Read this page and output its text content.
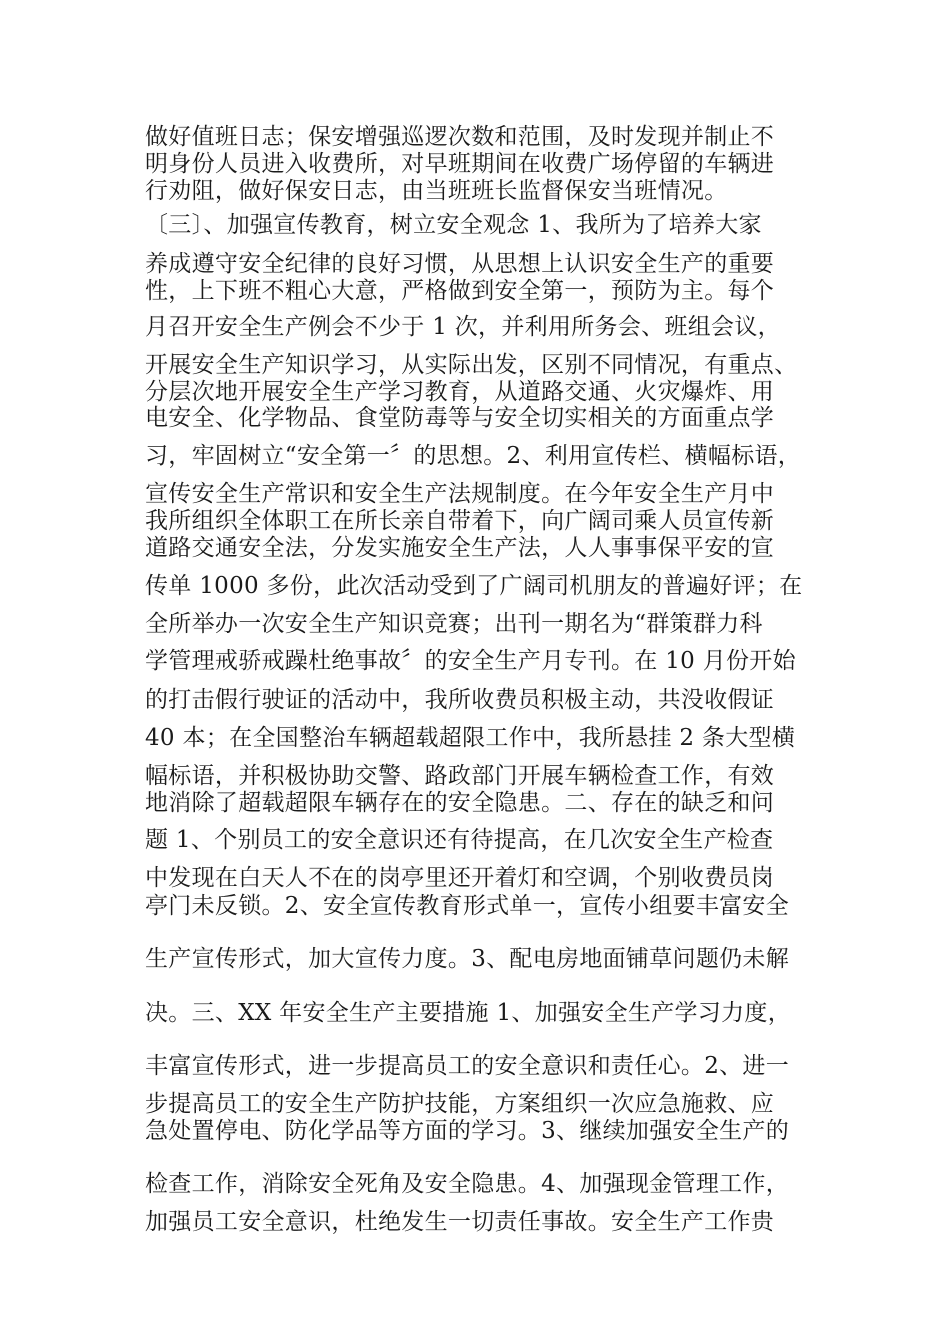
做好值班日志；保安增强巡逻次数和范围，及时发现并制止不
明身份人员进入收费所，对早班期间在收费广场停留的车辆进
行劝阻，做好保安日志，由当班班长监督保安当班情况。
〔三〕、加强宣传教育，树立安全观念 1、我所为了培养大家
养成遵守安全纪律的良好习惯，从思想上认识安全生产的重要
性，上下班不粗心大意，严格做到安全第一，预防为主。每个
月召开安全生产例会不少于 1 次，并利用所务会、班组会议，
开展安全生产知识学习，从实际出发，区别不同情况，有重点、
分层次地开展安全生产学习教育，从道路交通、火灾爆炸、用
电安全、化学物品、食堂防毒等与安全切实相关的方面重点学
习，牢固树立“安全第一〞的思想。2、利用宣传栏、横幅标语，
宣传安全生产常识和安全生产法规制度。在今年安全生产月中
我所组织全体职工在所长亲自带着下，向广阔司乘人员宣传新
道路交通安全法，分发实施安全生产法，人人事事保平安的宣
传单 1000 多份，此次活动受到了广阔司机朋友的普遍好评；在
全所举办一次安全生产知识竞赛；出刊一期名为“群策群力科
学管理戒骄戒躁杜绝事故〞的安全生产月专刊。在 10 月份开始
的打击假行驶证的活动中，我所收费员积极主动，共没收假证
40 本；在全国整治车辆超载超限工作中，我所悬挂 2 条大型横
幅标语，并积极协助交警、路政部门开展车辆检查工作，有效
地消除了超载超限车辆存在的安全隐患。二、存在的缺乏和问
题 1、个别员工的安全意识还有待提高，在几次安全生产检查
中发现在白天人不在的岗亭里还开着灯和空调，个别收费员岗
亭门未反锁。2、安全宣传教育形式单一，宣传小组要丰富安全
生产宣传形式，加大宣传力度。3、配电房地面铺草问题仍未解
决。三、XX 年安全生产主要措施 1、加强安全生产学习力度，
丰富宣传形式，进一步提高员工的安全意识和责任心。2、进一
步提高员工的安全生产防护技能，方案组织一次应急施救、应
急处置停电、防化学品等方面的学习。3、继续加强安全生产的
检查工作，消除安全死角及安全隐患。4、加强现金管理工作，
加强员工安全意识，杜绝发生一切责任事故。安全生产工作贵
